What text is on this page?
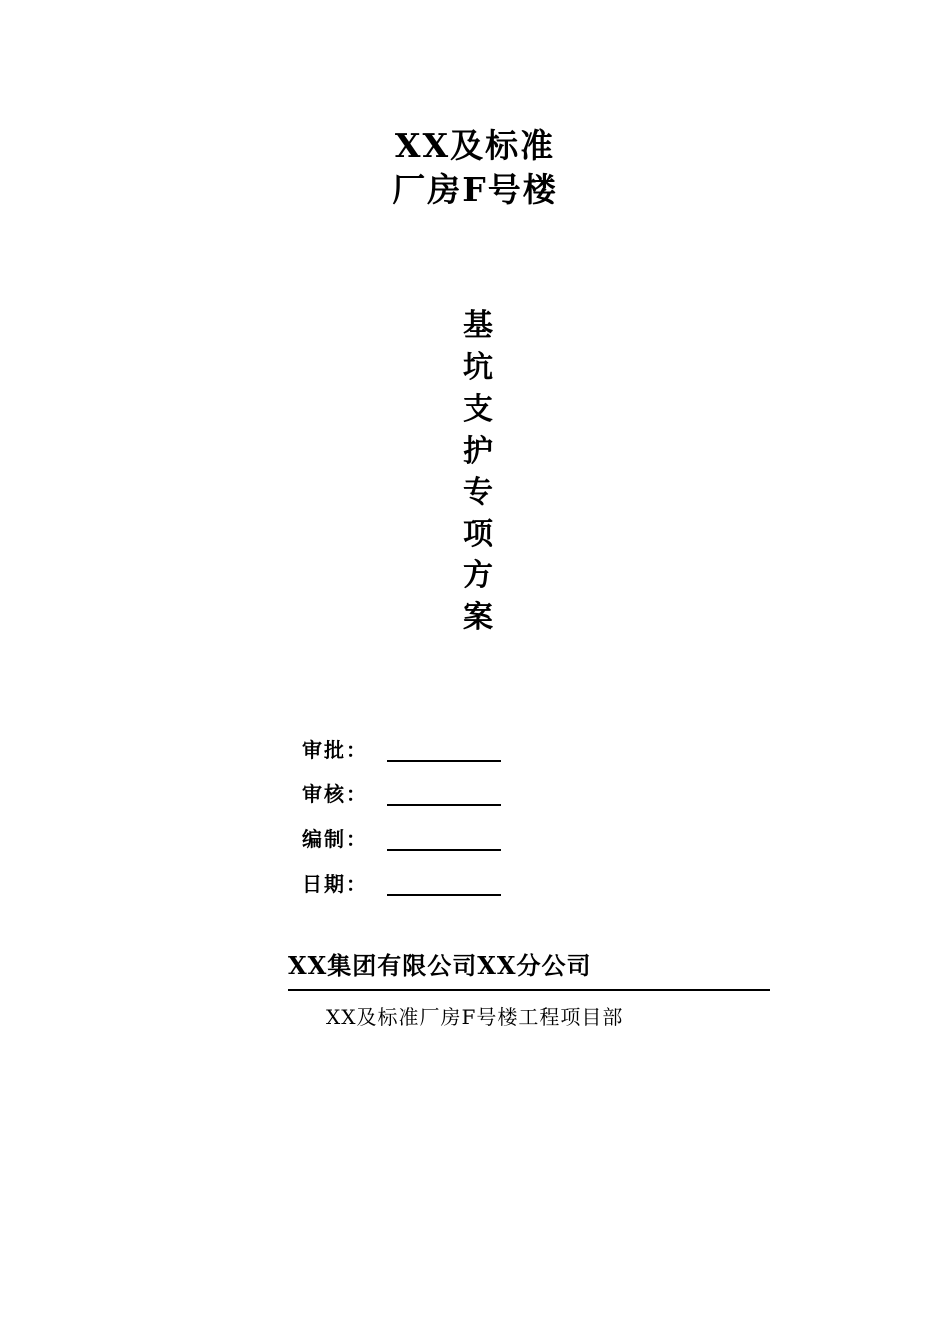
XX及标准
厂房F号楼
基
坑
支
护
专
项
方
案
审批：
审核：
编制：
日期：
XX集团有限公司XX分公司
XX及标准厂房F号楼工程项目部
